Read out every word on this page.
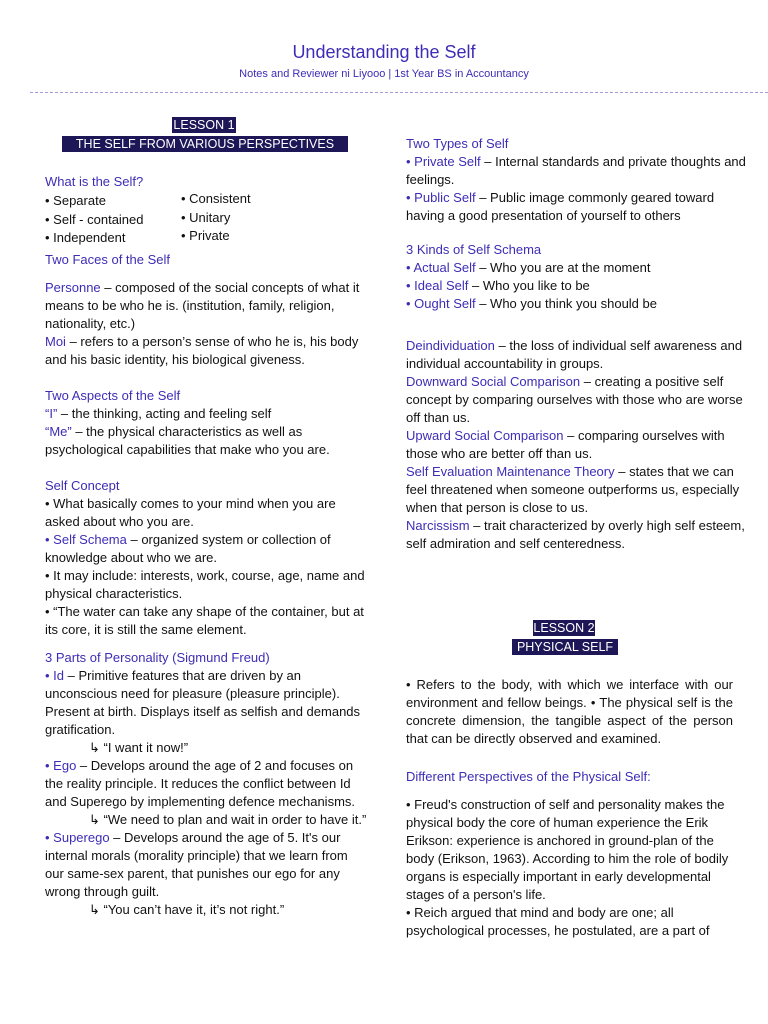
Understanding the Self
Notes and Reviewer ni Liyooo | 1st Year BS in Accountancy
LESSON 1
THE SELF FROM VARIOUS PERSPECTIVES

What is the Self?

• Separate
• Self - contained
• Independent
• Consistent
• Unitary
• Private

Two Faces of the Self

Personne – composed of the social concepts of what it means to be who he is. (institution, family, religion, nationality, etc.)

Moi – refers to a person’s sense of who he is, his body and his basic identity, his biological giveness.

Two Aspects of the Self

“I” – the thinking, acting and feeling self

“Me” – the physical characteristics as well as psychological capabilities that make who you are.

Self Concept

• What basically comes to your mind when you are asked about who you are.

• Self Schema – organized system or collection of knowledge about who we are.

• It may include: interests, work, course, age, name and physical characteristics.

• “The water can take any shape of the container, but at its core, it is still the same element.

3 Parts of Personality (Sigmund Freud)

• Id – Primitive features that are driven by an unconscious need for pleasure (pleasure principle). Present at birth. Displays itself as selfish and demands gratification.

↳ “I want it now!”

• Ego – Develops around the age of 2 and focuses on the reality principle. It reduces the conflict between Id and Superego by implementing defence mechanisms.

↳ “We need to plan and wait in order to have it.”

• Superego – Develops around the age of 5. It's our internal morals (morality principle) that we learn from our same-sex parent, that punishes our ego for any wrong through guilt.

↳ “You can’t have it, it’s not right.”

Two Types of Self

• Private Self – Internal standards and private thoughts and feelings.

• Public Self – Public image commonly geared toward having a good presentation of yourself to others

3 Kinds of Self Schema

• Actual Self – Who you are at the moment

• Ideal Self – Who you like to be

• Ought Self – Who you think you should be

Deindividuation – the loss of individual self awareness and individual accountability in groups.

Downward Social Comparison – creating a positive self concept by comparing ourselves with those who are worse off than us.

Upward Social Comparison – comparing ourselves with those who are better off than us.

Self Evaluation Maintenance Theory – states that we can feel threatened when someone outperforms us, especially when that person is close to us.

Narcissism – trait characterized by overly high self esteem, self admiration and self centeredness.

LESSON 2
PHYSICAL SELF

• Refers to the body, with which we interface with our environment and fellow beings. • The physical self is the concrete dimension, the tangible aspect of the person that can be directly observed and examined.

Different Perspectives of the Physical Self:

• Freud's construction of self and personality makes the physical body the core of human experience the Erik Erikson: experience is anchored in ground-plan of the body (Erikson, 1963). According to him the role of bodily organs is especially important in early developmental stages of a person's life.

• Reich argued that mind and body are one; all psychological processes, he postulated, are a part of
